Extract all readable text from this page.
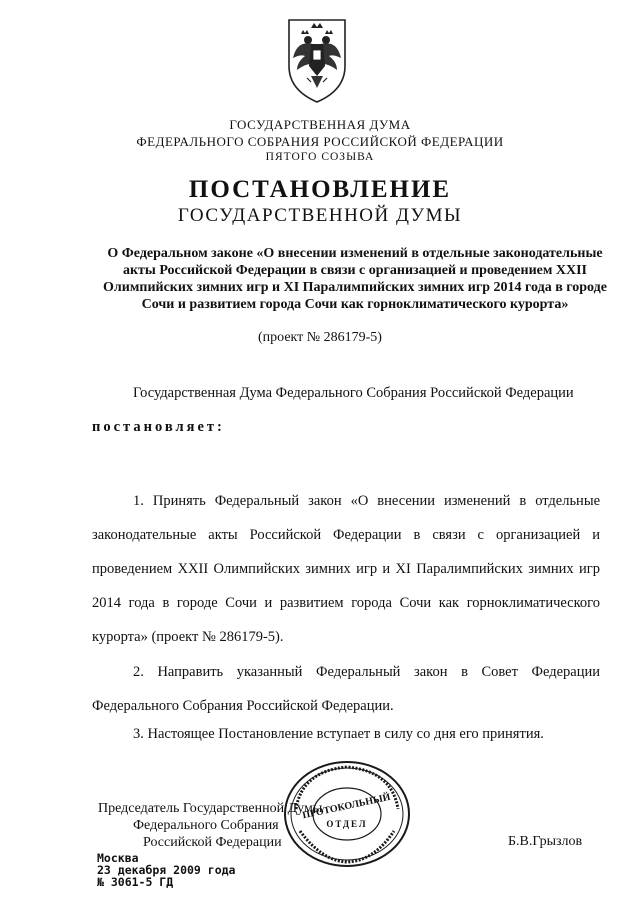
ГОСУДАРСТВЕННАЯ ДУМА
ФЕДЕРАЛЬНОГО СОБРАНИЯ РОССИЙСКОЙ ФЕДЕРАЦИИ
ПЯТОГО СОЗЫВА
ПОСТАНОВЛЕНИЕ
ГОСУДАРСТВЕННОЙ ДУМЫ
О Федеральном законе «О внесении изменений в отдельные законодательные акты Российской Федерации в связи с организацией и проведением XXII Олимпийских зимних игр и XI Паралимпийских зимних игр 2014 года в городе Сочи и развитием города Сочи как горноклиматического курорта»
(проект № 286179-5)
Государственная Дума Федерального Собрания Российской Федерации
постановляет:
1. Принять Федеральный закон «О внесении изменений в отдельные законодательные акты Российской Федерации в связи с организацией и проведением XXII Олимпийских зимних игр и XI Паралимпийских зимних игр 2014 года в городе Сочи и развитием города Сочи как горноклиматического курорта» (проект № 286179-5).
2. Направить указанный Федеральный закон в Совет Федерации Федерального Собрания Российской Федерации.
3. Настоящее Постановление вступает в силу со дня его принятия.
ПРОТОКОЛЬНЫЙ
ОТДЕЛ
Председатель Государственной Думы
Федерального Собрания
Российской Федерации	Б.В.Грызлов
Москва
23 декабря 2009 года
№ 3061-5 ГД
